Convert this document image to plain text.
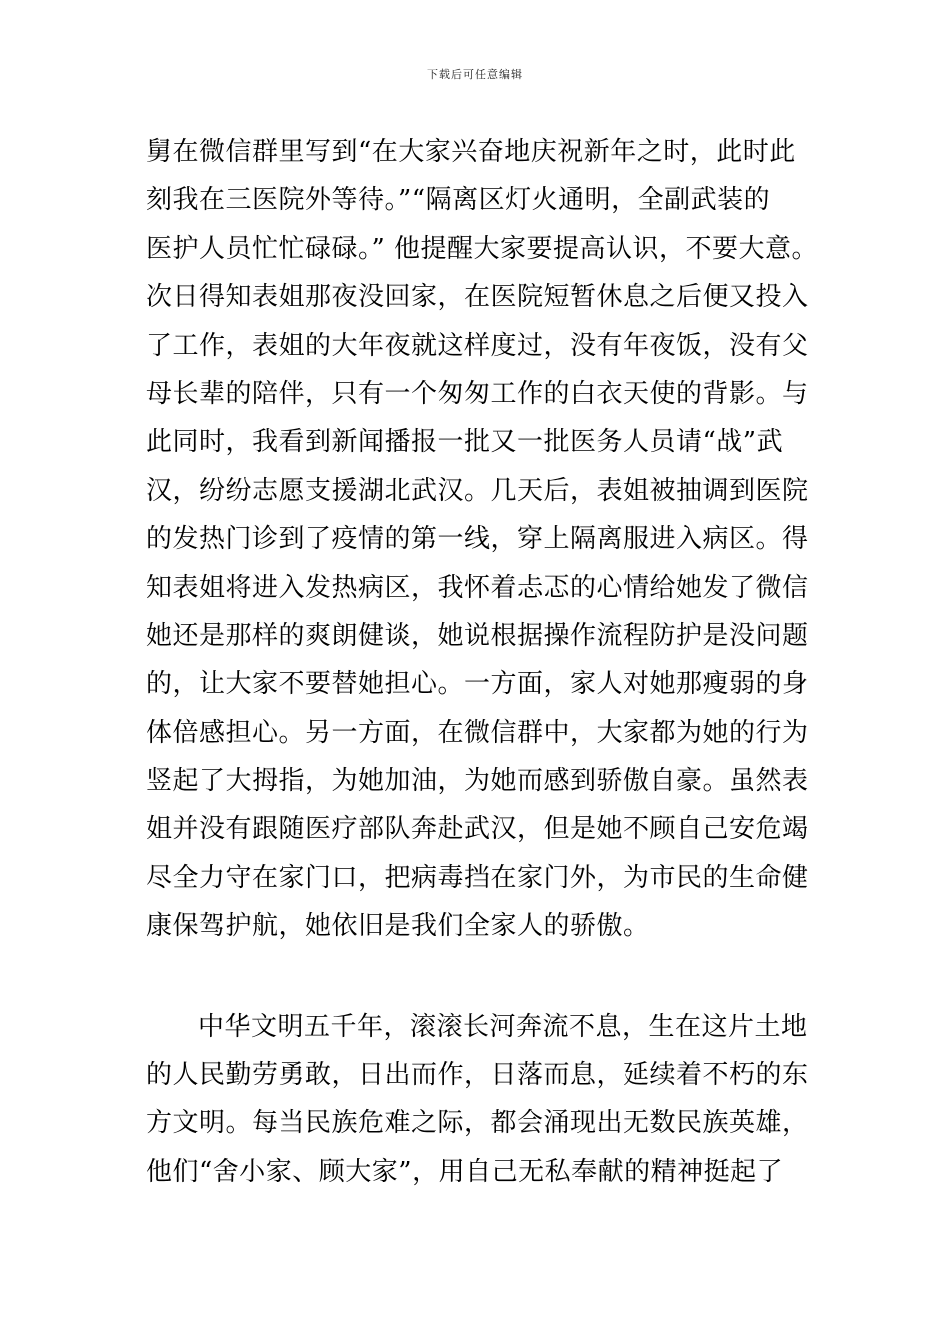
下载后可任意编辑
舅在微信群里写到“在大家兴奋地庆祝新年之时，此时此
刻我在三医院外等待。”“隔离区灯火通明，全副武装的
医护人员忙忙碌碌。” 他提醒大家要提高认识，不要大意。
次日得知表姐那夜没回家，在医院短暂休息之后便又投入
了工作，表姐的大年夜就这样度过，没有年夜饭，没有父
母长辈的陪伴，只有一个匆匆工作的白衣天使的背影。与
此同时，我看到新闻播报一批又一批医务人员请“战”武
汉，纷纷志愿支援湖北武汉。几天后，表姐被抽调到医院
的发热门诊到了疫情的第一线，穿上隔离服进入病区。得
知表姐将进入发热病区，我怀着忐忑的心情给她发了微信
她还是那样的爽朗健谈，她说根据操作流程防护是没问题
的，让大家不要替她担心。一方面，家人对她那瘦弱的身
体倍感担心。另一方面，在微信群中，大家都为她的行为
竖起了大拇指，为她加油，为她而感到骄傲自豪。虽然表
姐并没有跟随医疗部队奔赴武汉，但是她不顾自己安危竭
尽全力守在家门口，把病毒挡在家门外，为市民的生命健
康保驾护航，她依旧是我们全家人的骄傲。
中华文明五千年，滚滚长河奔流不息，生在这片土地
的人民勤劳勇敢，日出而作，日落而息，延续着不朽的东
方文明。每当民族危难之际，都会涌现出无数民族英雄，
他们“舍小家、顾大家”，用自己无私奉献的精神挺起了
